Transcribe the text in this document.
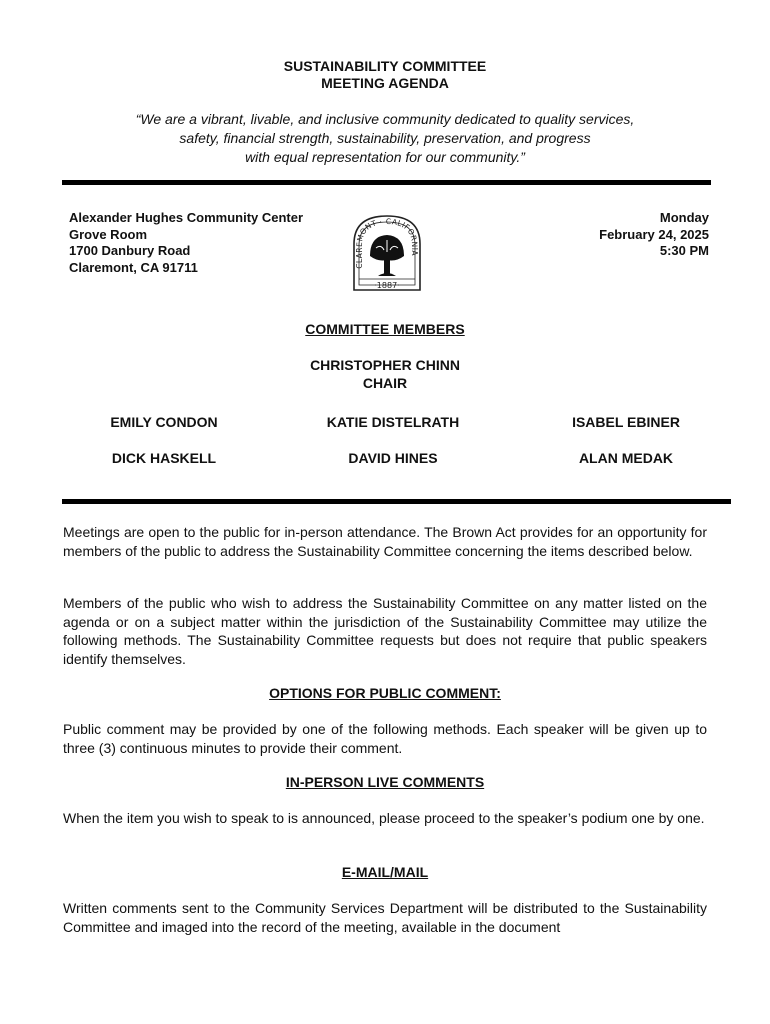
SUSTAINABILITY COMMITTEE
MEETING AGENDA
“We are a vibrant, livable, and inclusive community dedicated to quality services,
safety, financial strength, sustainability, preservation, and progress
with equal representation for our community.”
Alexander Hughes Community Center
Grove Room
1700 Danbury Road
Claremont, CA 91711	CLAREMONT · CALIFORNIA
·1887·
Monday
February 24, 2025
5:30 PM
COMMITTEE MEMBERS
CHRISTOPHER CHINN
CHAIR
EMILY CONDON	KATIE DISTELRATH	ISABEL EBINER
DICK HASKELL	DAVID HINES	ALAN MEDAK
Meetings are open to the public for in-person attendance. The Brown Act provides for an opportunity for members of the public to address the Sustainability Committee concerning the items described below.
Members of the public who wish to address the Sustainability Committee on any matter listed on the agenda or on a subject matter within the jurisdiction of the Sustainability Committee may utilize the following methods. The Sustainability Committee requests but does not require that public speakers identify themselves.
OPTIONS FOR PUBLIC COMMENT:
Public comment may be provided by one of the following methods. Each speaker will be given up to three (3) continuous minutes to provide their comment.
IN-PERSON LIVE COMMENTS
When the item you wish to speak to is announced, please proceed to the speaker’s podium one by one.
E-MAIL/MAIL
Written comments sent to the Community Services Department will be distributed to the Sustainability Committee and imaged into the record of the meeting, available in the document
